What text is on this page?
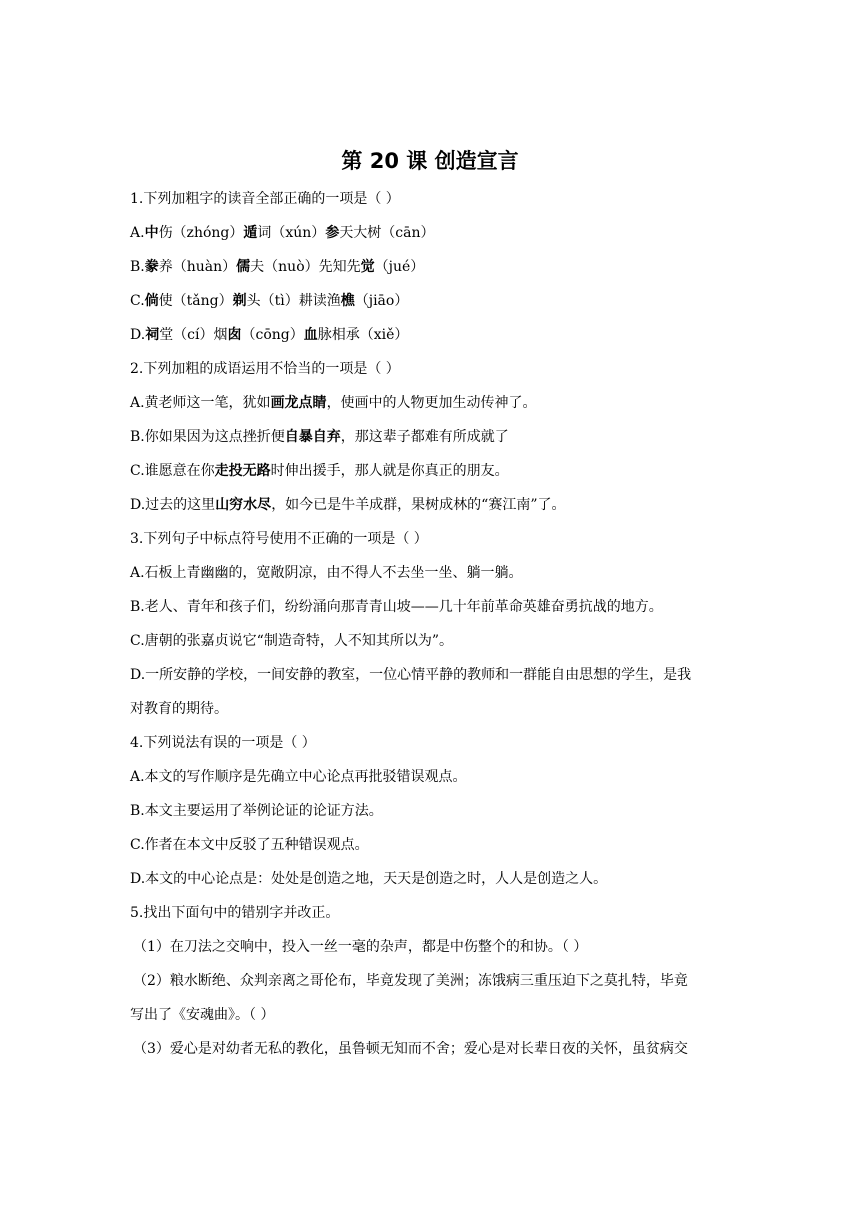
第 20 课 创造宣言
1.下列加粗字的读音全部正确的一项是（ ）
A.中伤（zhóng）遁词（xún）参天大树（cān）
B.豢养（huàn）儒夫（nuò）先知先觉（jué）
C.倘使（tǎng）剃头（tì）耕读渔樵（jiāo）
D.祠堂（cí）烟囱（cōng）血脉相承（xiě）
2.下列加粗的成语运用不恰当的一项是（ ）
A.黄老师这一笔，犹如画龙点睛，使画中的人物更加生动传神了。
B.你如果因为这点挫折便自暴自弃，那这辈子都难有所成就了
C.谁愿意在你走投无路时伸出援手，那人就是你真正的朋友。
D.过去的这里山穷水尽，如今已是牛羊成群，果树成林的“赛江南”了。
3.下列句子中标点符号使用不正确的一项是（ ）
A.石板上青幽幽的，宽敞阴凉，由不得人不去坐一坐、躺一躺。
B.老人、青年和孩子们，纷纷涌向那青青山坡——几十年前革命英雄奋勇抗战的地方。
C.唐朝的张嘉贞说它“制造奇特，人不知其所以为”。
D.一所安静的学校，一间安静的教室，一位心情平静的教师和一群能自由思想的学生，是我
对教育的期待。
4.下列说法有误的一项是（ ）
A.本文的写作顺序是先确立中心论点再批驳错误观点。
B.本文主要运用了举例论证的论证方法。
C.作者在本文中反驳了五种错误观点。
D.本文的中心论点是：处处是创造之地，天天是创造之时，人人是创造之人。
5.找出下面句中的错别字并改正。
（1）在刀法之交响中，投入一丝一毫的杂声，都是中伤整个的和协。（ ）
（2）粮水断绝、众判亲离之哥伦布，毕竟发现了美洲；冻饿病三重压迫下之莫扎特，毕竟
写出了《安魂曲》。（ ）
（3）爱心是对幼者无私的教化，虽鲁顿无知而不舍；爱心是对长辈日夜的关怀，虽贫病交
